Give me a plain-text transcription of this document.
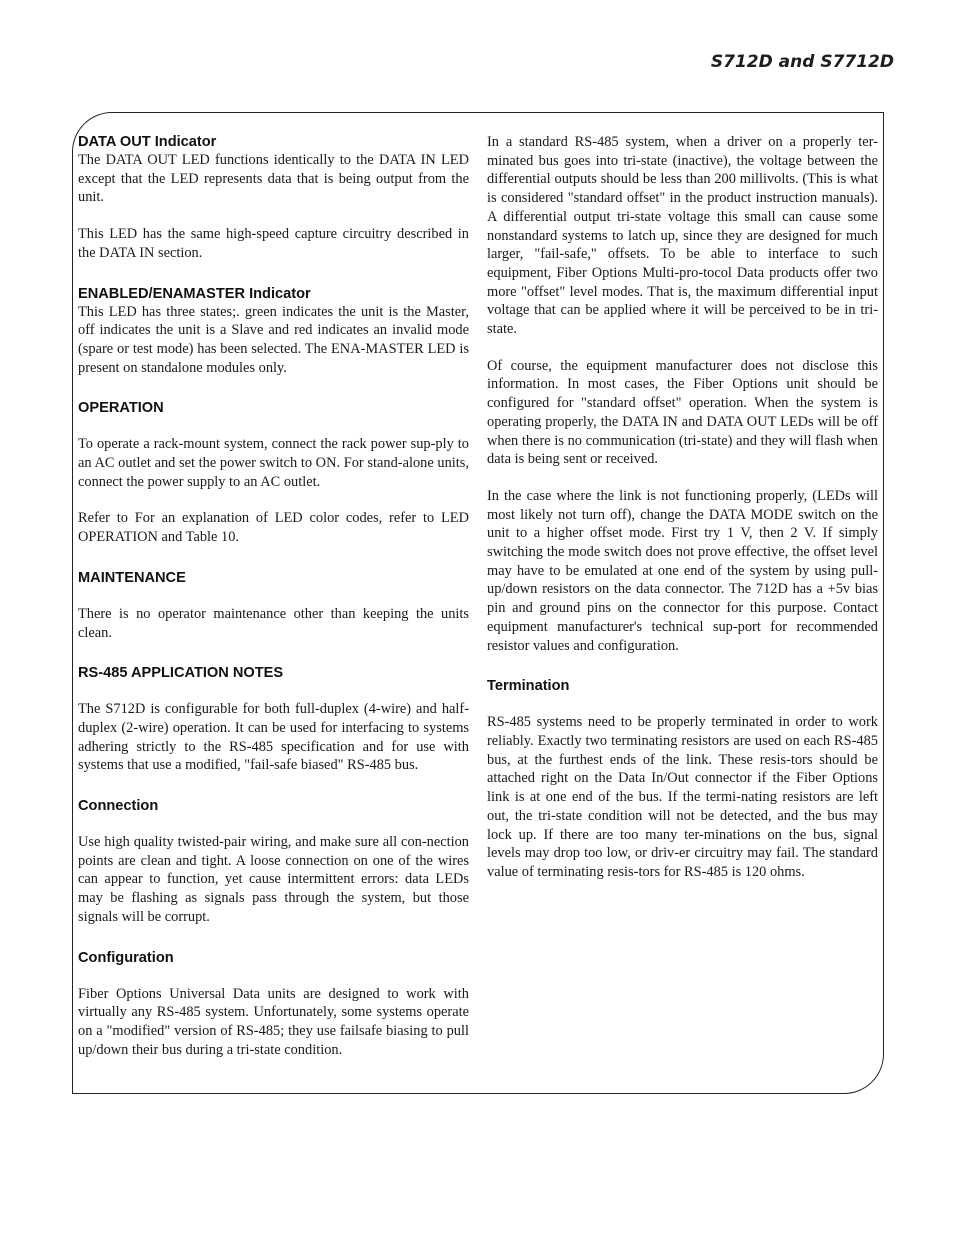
S712D and S7712D
DATA OUT Indicator

The DATA OUT LED functions identically to the DATA IN LED except that the LED represents data that is being output from the unit.

This LED has the same high-speed capture circuitry described in the DATA IN section.

ENABLED/ENAMASTER Indicator

This LED has three states;. green indicates the unit is the Master, off indicates the unit is a Slave and red indicates an invalid mode (spare or test mode) has been selected. The ENA-MASTER LED is present on standalone modules only.

OPERATION

To operate a rack-mount system, connect the rack power sup-ply to an AC outlet and set the power switch to ON. For stand-alone units, connect the power supply to an AC outlet.

Refer to For an explanation of LED color codes, refer to LED OPERATION and Table 10.

MAINTENANCE

There is no operator maintenance other than keeping the units clean.

RS-485 APPLICATION NOTES

The S712D is configurable for both full-duplex (4-wire) and half-duplex (2-wire) operation. It can be used for interfacing to systems adhering strictly to the RS-485 specification and for use with systems that use a modified, "fail-safe biased" RS-485 bus.

Connection

Use high quality twisted-pair wiring, and make sure all con-nection points are clean and tight. A loose connection on one of the wires can appear to function, yet cause intermittent errors: data LEDs may be flashing as signals pass through the system, but those signals will be corrupt.

Configuration

Fiber Options Universal Data units are designed to work with virtually any RS-485 system. Unfortunately, some systems operate on a "modified" version of RS-485; they use failsafe biasing to pull up/down their bus during a tri-state condition.

In a standard RS-485 system, when a driver on a properly ter-minated bus goes into tri-state (inactive), the voltage between the differential outputs should be less than 200 millivolts. (This is what is considered "standard offset" in the product instruction manuals). A differential output tri-state voltage this small can cause some nonstandard systems to latch up, since they are designed for much larger, "fail-safe," offsets. To be able to interface to such equipment, Fiber Options Multi-pro-tocol Data products offer two more "offset" level modes. That is, the maximum differential input voltage that can be applied where it will be perceived to be in tri-state.

Of course, the equipment manufacturer does not disclose this information. In most cases, the Fiber Options unit should be configured for "standard offset" operation. When the system is operating properly, the DATA IN and DATA OUT LEDs will be off when there is no communication (tri-state) and they will flash when data is being sent or received.

In the case where the link is not functioning properly, (LEDs will most likely not turn off), change the DATA MODE switch on the unit to a higher offset mode. First try 1 V, then 2 V. If simply switching the mode switch does not prove effective, the offset level may have to be emulated at one end of the system by using pull-up/down resistors on the data connector. The 712D has a +5v bias pin and ground pins on the connector for this purpose. Contact equipment manufacturer's technical sup-port for recommended resistor values and configuration.

Termination

RS-485 systems need to be properly terminated in order to work reliably. Exactly two terminating resistors are used on each RS-485 bus, at the furthest ends of the link. These resis-tors should be attached right on the Data In/Out connector if the Fiber Options link is at one end of the bus. If the termi-nating resistors are left out, the tri-state condition will not be detected, and the bus may lock up. If there are too many ter-minations on the bus, signal levels may drop too low, or driv-er circuitry may fail. The standard value of terminating resis-tors for RS-485 is 120 ohms.
